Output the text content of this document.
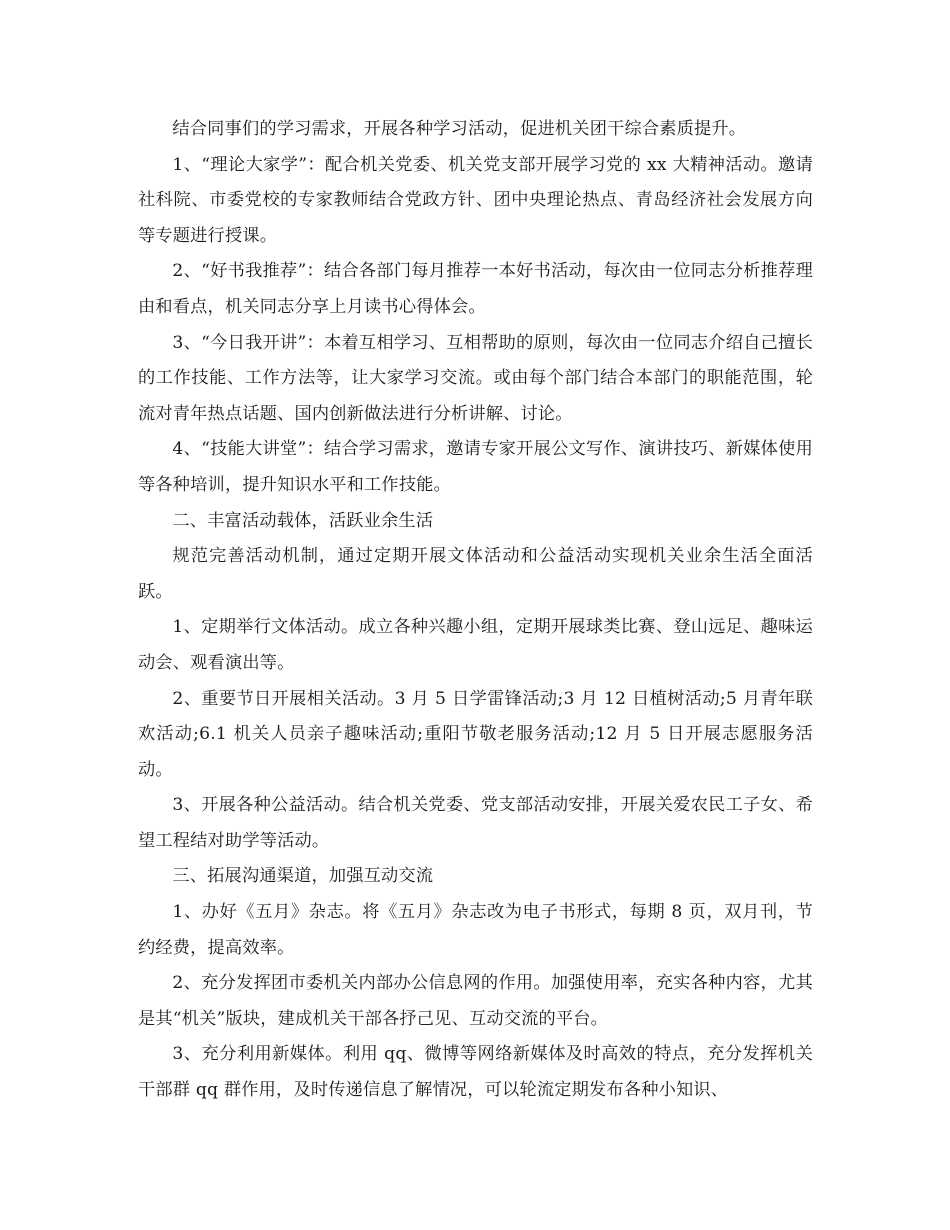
结合同事们的学习需求，开展各种学习活动，促进机关团干综合素质提升。

1、“理论大家学”：配合机关党委、机关党支部开展学习党的 xx 大精神活动。邀请社科院、市委党校的专家教师结合党政方针、团中央理论热点、青岛经济社会发展方向等专题进行授课。

2、“好书我推荐”：结合各部门每月推荐一本好书活动，每次由一位同志分析推荐理由和看点，机关同志分享上月读书心得体会。

3、“今日我开讲”：本着互相学习、互相帮助的原则，每次由一位同志介绍自己擅长的工作技能、工作方法等，让大家学习交流。或由每个部门结合本部门的职能范围，轮流对青年热点话题、国内创新做法进行分析讲解、讨论。

4、“技能大讲堂”：结合学习需求，邀请专家开展公文写作、演讲技巧、新媒体使用等各种培训，提升知识水平和工作技能。

二、丰富活动载体，活跃业余生活

规范完善活动机制，通过定期开展文体活动和公益活动实现机关业余生活全面活跃。

1、定期举行文体活动。成立各种兴趣小组，定期开展球类比赛、登山远足、趣味运动会、观看演出等。

2、重要节日开展相关活动。3 月 5 日学雷锋活动;3 月 12 日植树活动;5 月青年联欢活动;6.1 机关人员亲子趣味活动;重阳节敬老服务活动;12 月 5 日开展志愿服务活动。

3、开展各种公益活动。结合机关党委、党支部活动安排，开展关爱农民工子女、希望工程结对助学等活动。

三、拓展沟通渠道，加强互动交流

1、办好《五月》杂志。将《五月》杂志改为电子书形式，每期 8 页，双月刊，节约经费，提高效率。

2、充分发挥团市委机关内部办公信息网的作用。加强使用率，充实各种内容，尤其是其“机关”版块，建成机关干部各抒己见、互动交流的平台。

3、充分利用新媒体。利用 qq、微博等网络新媒体及时高效的特点，充分发挥机关干部群 qq 群作用，及时传递信息了解情况，可以轮流定期发布各种小知识、
